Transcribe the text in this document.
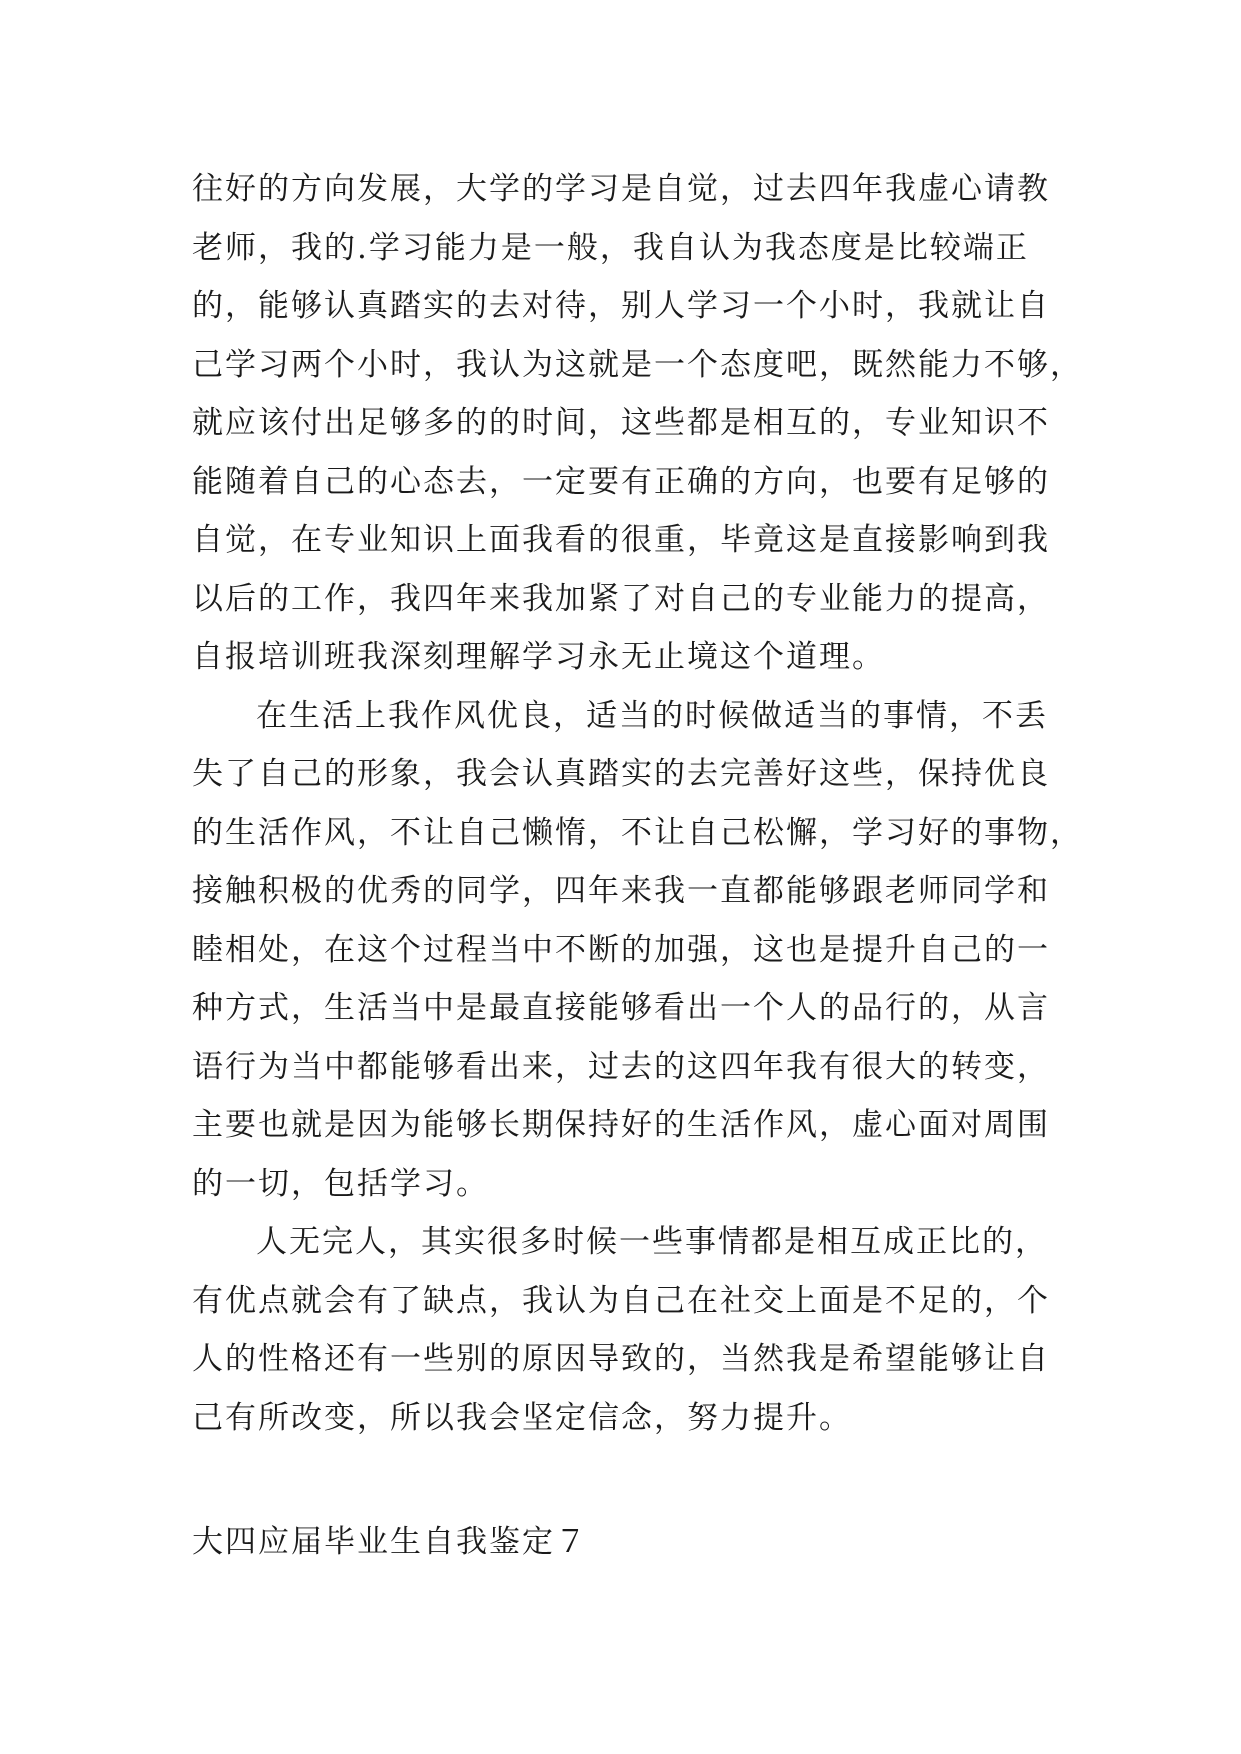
往好的方向发展，大学的学习是自觉，过去四年我虚心请教
老师，我的.学习能力是一般，我自认为我态度是比较端正
的，能够认真踏实的去对待，别人学习一个小时，我就让自
己学习两个小时，我认为这就是一个态度吧，既然能力不够，
就应该付出足够多的的时间，这些都是相互的，专业知识不
能随着自己的心态去，一定要有正确的方向，也要有足够的
自觉，在专业知识上面我看的很重，毕竟这是直接影响到我
以后的工作，我四年来我加紧了对自己的专业能力的提高，
自报培训班我深刻理解学习永无止境这个道理。
在生活上我作风优良，适当的时候做适当的事情，不丢
失了自己的形象，我会认真踏实的去完善好这些，保持优良
的生活作风，不让自己懒惰，不让自己松懈，学习好的事物，
接触积极的优秀的同学，四年来我一直都能够跟老师同学和
睦相处，在这个过程当中不断的加强，这也是提升自己的一
种方式，生活当中是最直接能够看出一个人的品行的，从言
语行为当中都能够看出来，过去的这四年我有很大的转变，
主要也就是因为能够长期保持好的生活作风，虚心面对周围
的一切，包括学习。
人无完人，其实很多时候一些事情都是相互成正比的，
有优点就会有了缺点，我认为自己在社交上面是不足的，个
人的性格还有一些别的原因导致的，当然我是希望能够让自
己有所改变，所以我会坚定信念，努力提升。
大四应届毕业生自我鉴定７
